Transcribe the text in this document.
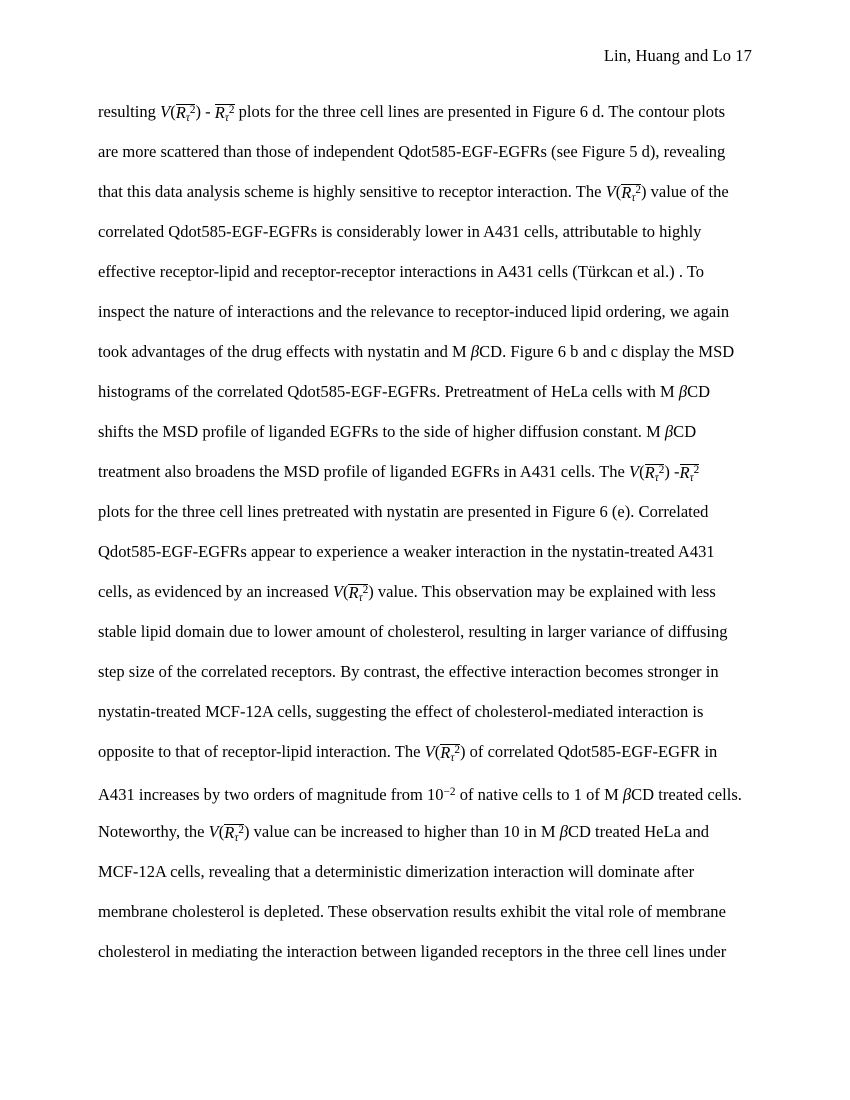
Lin, Huang and Lo 17

resulting $V(R_\tau^2) - R_\tau^2$ plots for the three cell lines are presented in Figure 6 d. The contour plots
are more scattered than those of independent Qdot585-EGF-EGFRs (see Figure 5 d), revealing
that this data analysis scheme is highly sensitive to receptor interaction. The $V(R_\tau^2)$ value of the
correlated Qdot585-EGF-EGFRs is considerably lower in A431 cells, attributable to highly
effective receptor-lipid and receptor-receptor interactions in A431 cells (Türkcan et al.) . To
inspect the nature of interactions and the relevance to receptor-induced lipid ordering, we again
took advantages of the drug effects with nystatin and M βCD. Figure 6 b and c display the MSD
histograms of the correlated Qdot585-EGF-EGFRs. Pretreatment of HeLa cells with M βCD
shifts the MSD profile of liganded EGFRs to the side of higher diffusion constant. M βCD
treatment also broadens the MSD profile of liganded EGFRs in A431 cells. The $V(R_\tau^2)$ $-R_\tau^2$
plots for the three cell lines pretreated with nystatin are presented in Figure 6 (e). Correlated
Qdot585-EGF-EGFRs appear to experience a weaker interaction in the nystatin-treated A431
cells, as evidenced by an increased $V(R_\tau^2)$ value. This observation may be explained with less
stable lipid domain due to lower amount of cholesterol, resulting in larger variance of diffusing
step size of the correlated receptors. By contrast, the effective interaction becomes stronger in
nystatin-treated MCF-12A cells, suggesting the effect of cholesterol-mediated interaction is
opposite to that of receptor-lipid interaction. The $V(R_\tau^2)$ of correlated Qdot585-EGF-EGFR in
A431 increases by two orders of magnitude from $10^{-2}$ of native cells to 1 of M βCD treated cells.
Noteworthy, the $V(R_\tau^2)$ value can be increased to higher than 10 in M βCD treated HeLa and
MCF-12A cells, revealing that a deterministic dimerization interaction will dominate after
membrane cholesterol is depleted. These observation results exhibit the vital role of membrane
cholesterol in mediating the interaction between liganded receptors in the three cell lines under
